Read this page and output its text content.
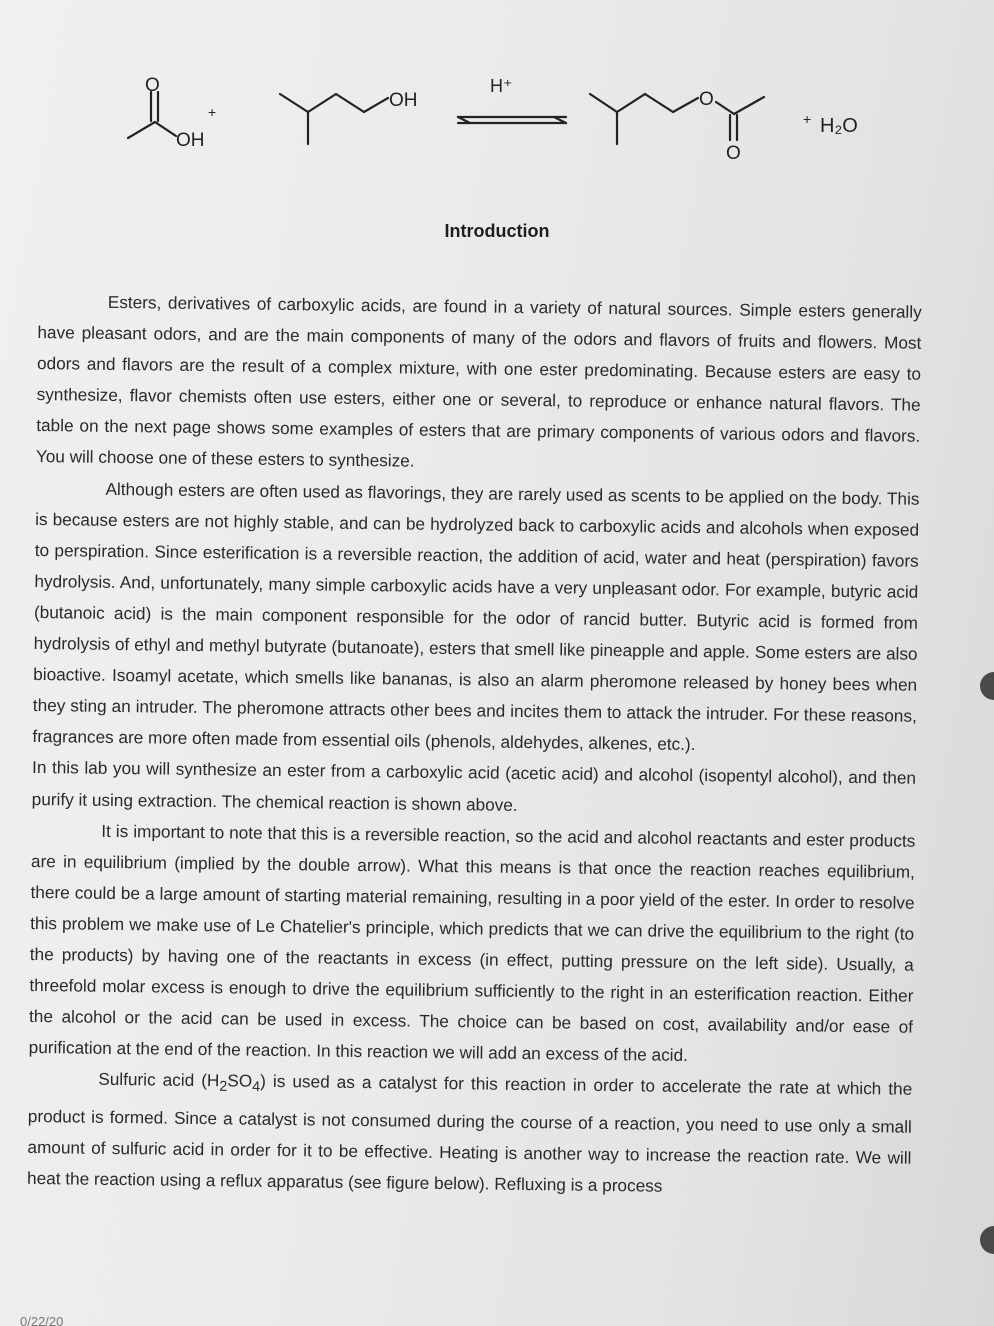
O
OH
+
OH
H⁺
O
O
+ H₂O
Introduction

Esters, derivatives of carboxylic acids, are found in a variety of natural sources. Simple esters generally have pleasant odors, and are the main components of many of the odors and flavors of fruits and flowers. Most odors and flavors are the result of a complex mixture, with one ester predominating. Because esters are easy to synthesize, flavor chemists often use esters, either one or several, to reproduce or enhance natural flavors. The table on the next page shows some examples of esters that are primary components of various odors and flavors. You will choose one of these esters to synthesize.

Although esters are often used as flavorings, they are rarely used as scents to be applied on the body. This is because esters are not highly stable, and can be hydrolyzed back to carboxylic acids and alcohols when exposed to perspiration. Since esterification is a reversible reaction, the addition of acid, water and heat (perspiration) favors hydrolysis. And, unfortunately, many simple carboxylic acids have a very unpleasant odor. For example, butyric acid (butanoic acid) is the main component responsible for the odor of rancid butter. Butyric acid is formed from hydrolysis of ethyl and methyl butyrate (butanoate), esters that smell like pineapple and apple. Some esters are also bioactive. Isoamyl acetate, which smells like bananas, is also an alarm pheromone released by honey bees when they sting an intruder. The pheromone attracts other bees and incites them to attack the intruder. For these reasons, fragrances are more often made from essential oils (phenols, aldehydes, alkenes, etc.).

In this lab you will synthesize an ester from a carboxylic acid (acetic acid) and alcohol (isopentyl alcohol), and then purify it using extraction. The chemical reaction is shown above.

It is important to note that this is a reversible reaction, so the acid and alcohol reactants and ester products are in equilibrium (implied by the double arrow). What this means is that once the reaction reaches equilibrium, there could be a large amount of starting material remaining, resulting in a poor yield of the ester. In order to resolve this problem we make use of Le Chatelier's principle, which predicts that we can drive the equilibrium to the right (to the products) by having one of the reactants in excess (in effect, putting pressure on the left side). Usually, a threefold molar excess is enough to drive the equilibrium sufficiently to the right in an esterification reaction. Either the alcohol or the acid can be used in excess. The choice can be based on cost, availability and/or ease of purification at the end of the reaction. In this reaction we will add an excess of the acid.

Sulfuric acid $(H_2SO_4)$ is used as a catalyst for this reaction in order to accelerate the rate at which the product is formed. Since a catalyst is not consumed during the course of a reaction, you need to use only a small amount of sulfuric acid in order for it to be effective. Heating is another way to increase the reaction rate. We will heat the reaction using a reflux apparatus (see figure below). Refluxing is a process

0/22/20
